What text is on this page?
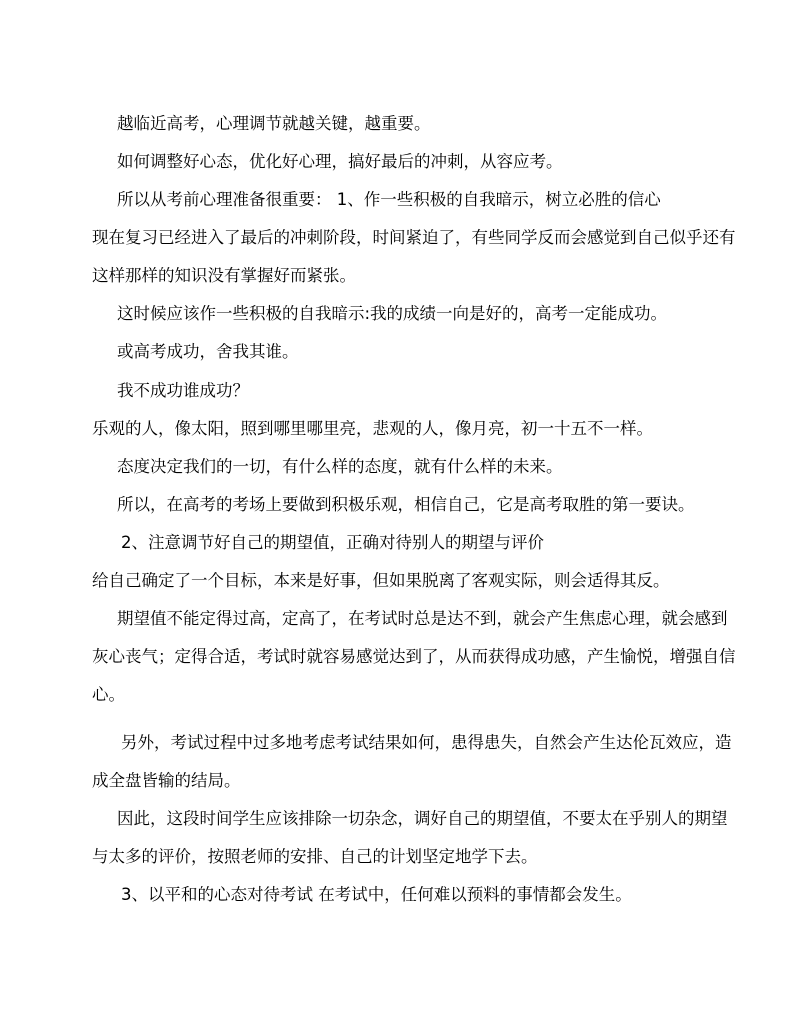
越临近高考，心理调节就越关键，越重要。
如何调整好心态，优化好心理，搞好最后的冲刺，从容应考。
所以从考前心理准备很重要： 1、作一些积极的自我暗示，树立必胜的信心
现在复习已经进入了最后的冲刺阶段，时间紧迫了，有些同学反而会感觉到自己似乎还有
这样那样的知识没有掌握好而紧张。
这时候应该作一些积极的自我暗示:我的成绩一向是好的，高考一定能成功。
或高考成功，舍我其谁。
我不成功谁成功？
乐观的人，像太阳，照到哪里哪里亮，悲观的人，像月亮，初一十五不一样。
态度决定我们的一切，有什么样的态度，就有什么样的未来。
所以，在高考的考场上要做到积极乐观，相信自己，它是高考取胜的第一要诀。
2、注意调节好自己的期望值，正确对待别人的期望与评价
给自己确定了一个目标，本来是好事，但如果脱离了客观实际，则会适得其反。
期望值不能定得过高，定高了，在考试时总是达不到，就会产生焦虑心理，就会感到
灰心丧气；定得合适，考试时就容易感觉达到了，从而获得成功感，产生愉悦，增强自信
心。
另外，考试过程中过多地考虑考试结果如何，患得患失，自然会产生达伦瓦效应，造
成全盘皆输的结局。
因此，这段时间学生应该排除一切杂念，调好自己的期望值，不要太在乎别人的期望
与太多的评价，按照老师的安排、自己的计划坚定地学下去。
3、以平和的心态对待考试 在考试中，任何难以预料的事情都会发生。
